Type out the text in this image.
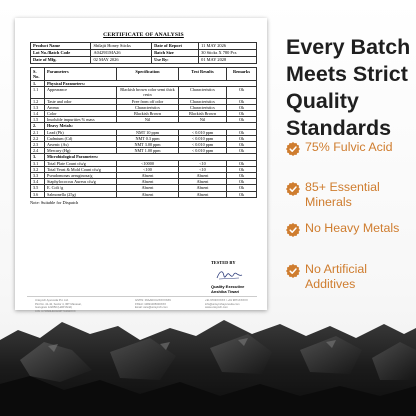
CERTIFICATE OF ANALYSIS
Product Name	Shilajit Honey Sticks	Date of Report	11 MAY 2026
Lot No./Batch Code	A0429I1MA26	Batch Size	30 Sticks X 780 Pcs
Date of Mfg.	02 MAY 2026	Use By:	01 MAY 2028
S. No.	Parameters	Specification	Test Results	Remarks
1.	Physical Parameters:			
1.1	Appearance	Blackish brown color semi thick resin	Characteristics	Ok
1.2	Taste and odor	Free from off odor	Characteristics	Ok
1.3	Aroma	Characteristics	Characteristics	Ok
1.4	Color	Blackish Brown	Blackish Brown	Ok
1.5	Insoluble impurities % mass	Nil	Nil	Ok
2.	Heavy Metals:			
2.1	Lead (Pb)	NMT 10 ppm	< 0.010 ppm	Ok
2.2	Cadmium (Cd)	NMT 0.3 ppm	< 0.010 ppm	Ok
2.3	Arsenic (As)	NMT 3.00 ppm	< 0.010 ppm	Ok
2.4	Mercury (Hg)	NMT 1.00 ppm	< 0.010 ppm	Ok
3.	Microbiological Parameters:			
3.1	Total Plate Count cfu/g	<10000	<10	Ok
3.2	Total Yeast & Mold Count cfu/g	<100	<10	Ok
3.3	Pseudomonas aeruginosa/g	Absent	Absent	Ok
3.4	Staphylococcus Aureus cfu/g	Absent	Absent	Ok
3.5	E. Coli /g	Absent	Absent	Ok
3.6	Salmonella (25g)	Absent	Absent	Ok
Note: Suitable for Dispatch
TESTED BY
Quality Executive
Anshika Tiwari
Unisynch Ayurveda Pvt. Ltd.
Plot No. 41-42, Sector 4, IMT Manesar,
Gurugram 122050 (HARYANA)
CIN: U74999HR2020PTC090XXX
GSTIN: 06AADCU2XXXXXZ9
FSSAI: 10821005000XXX
Email: care@unisynch.com
+91 9703XXXXX / +91 9871XXXXX
info@unisynchayurveda.com
www.unisynch.com
Every Batch
Meets Strict
Quality
Standards
75% Fulvic Acid
85+ Essential Minerals
No Heavy Metals
No Artificial Additives
